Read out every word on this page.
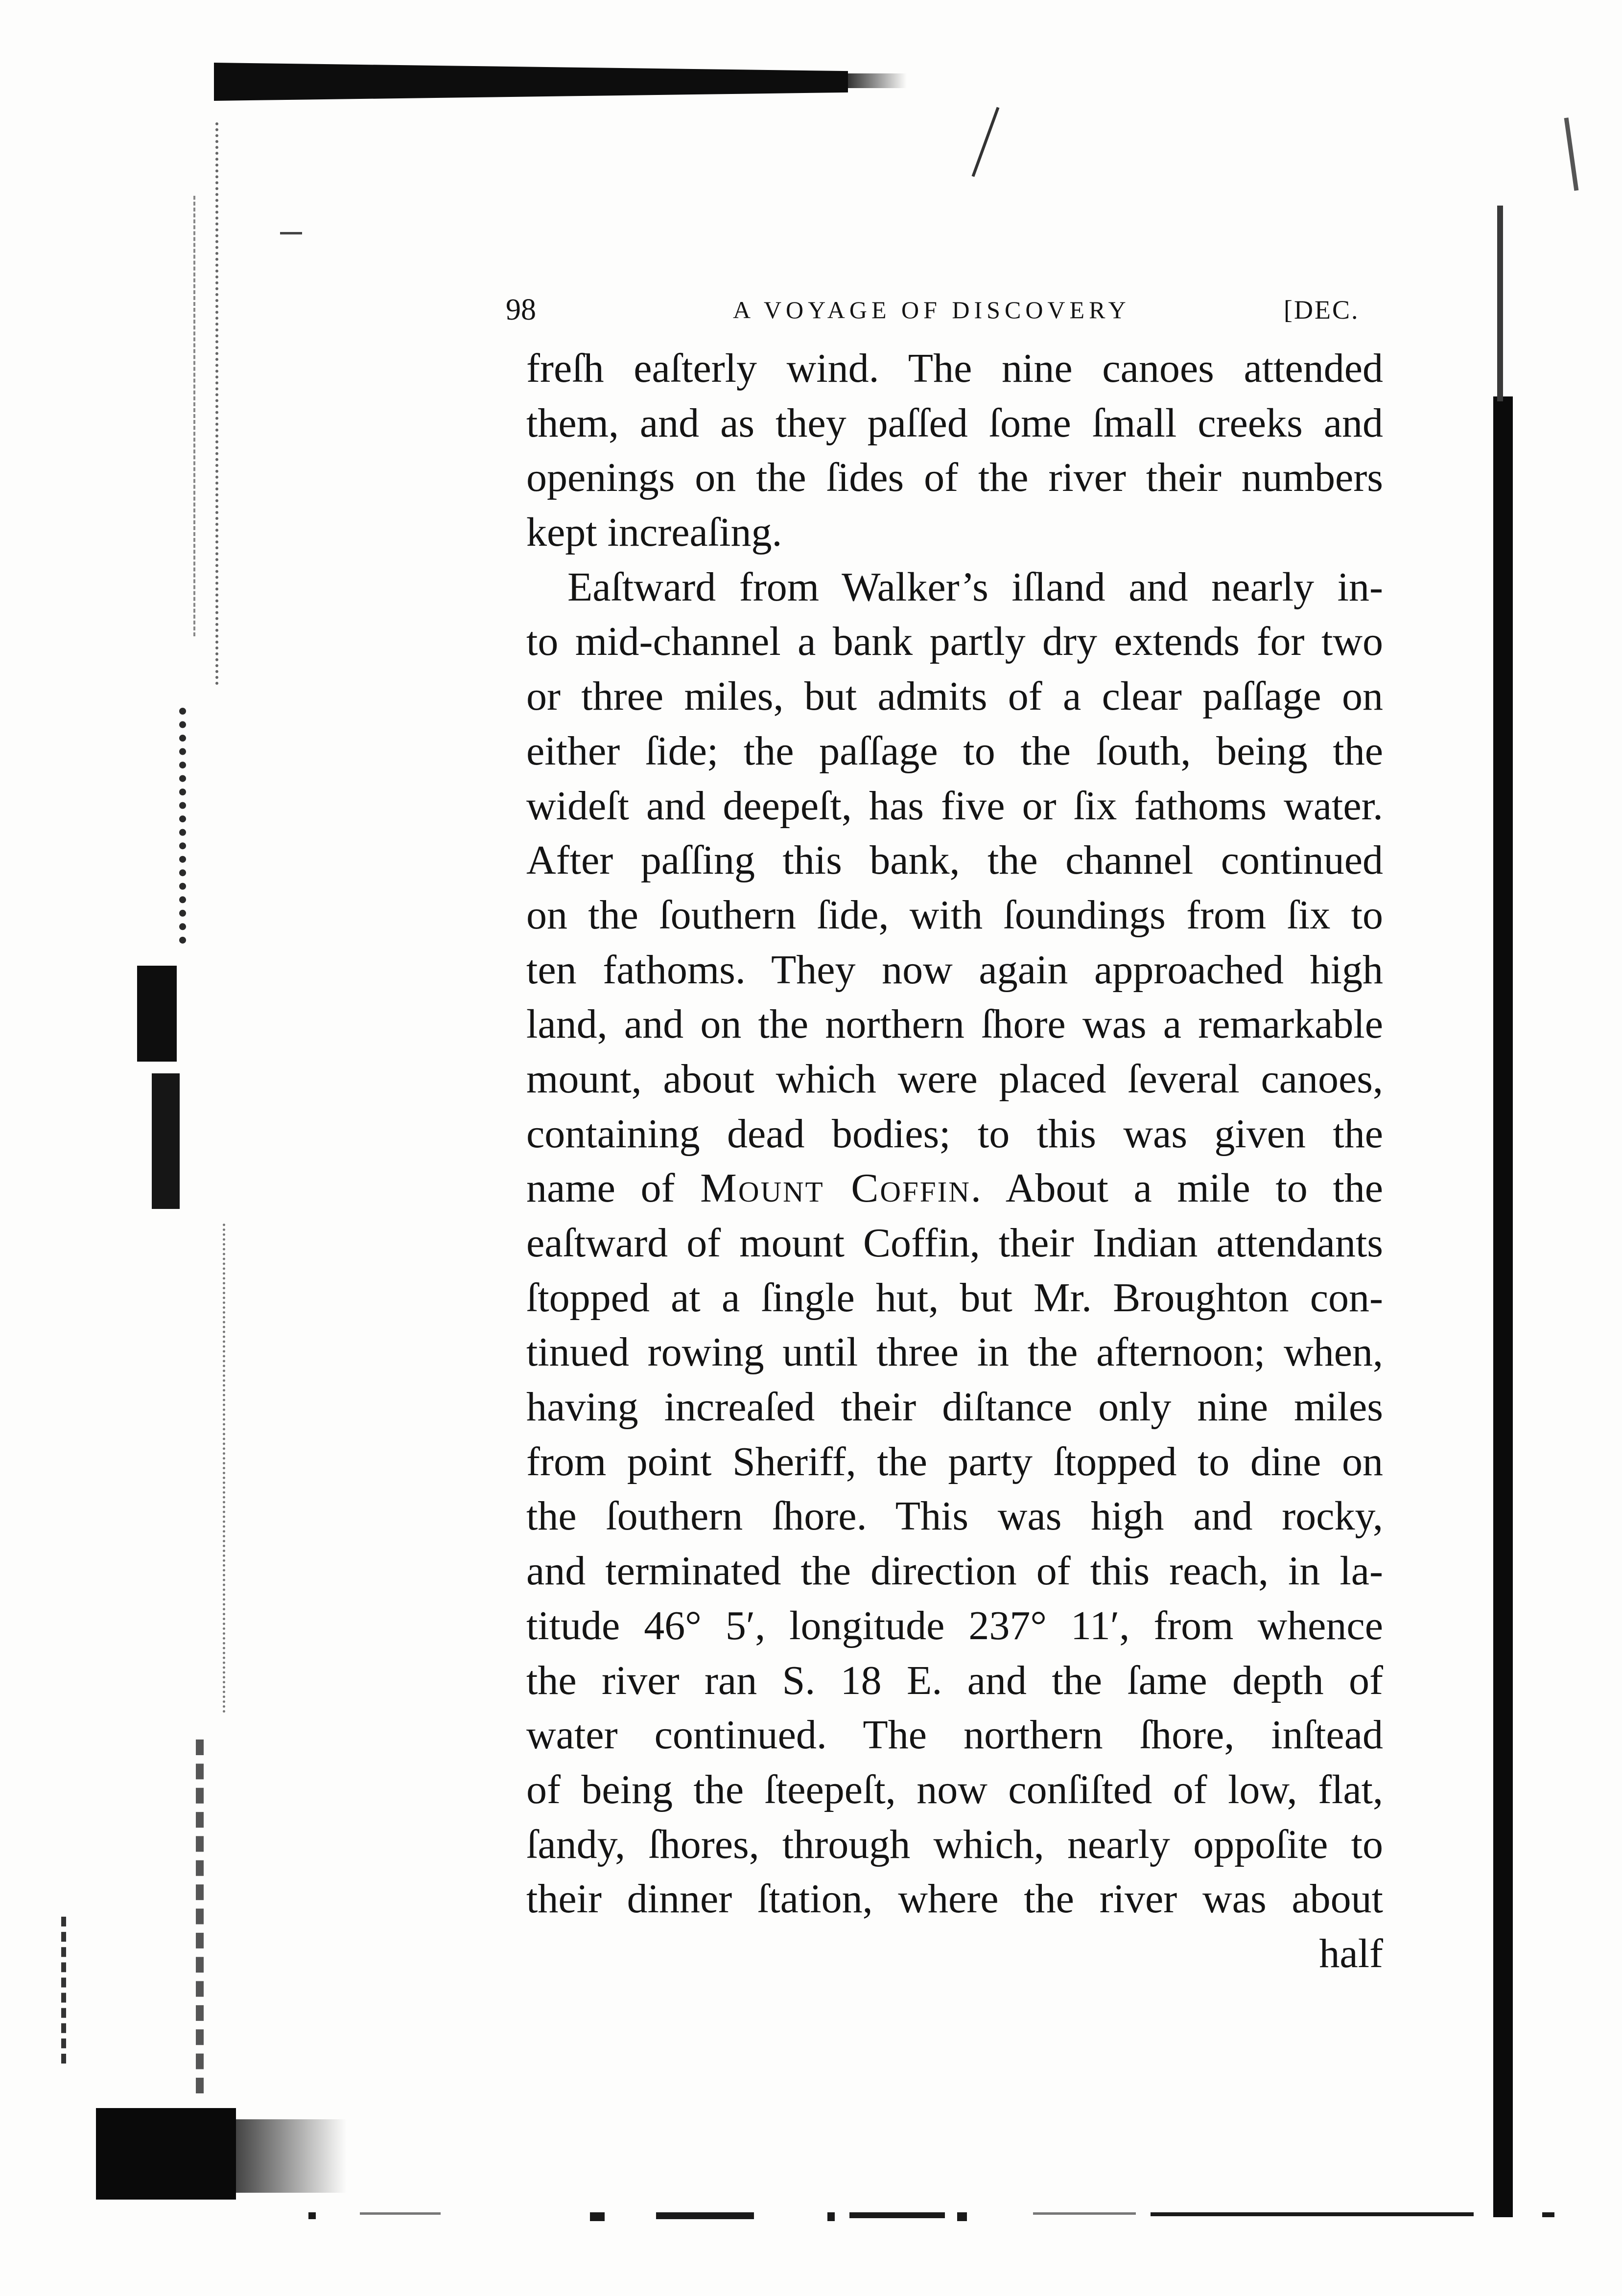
98	A VOYAGE OF DISCOVERY	[DEC.
freſh eaſterly wind. The nine canoes attended
them, and as they paſſed ſome ſmall creeks and
openings on the ſides of the river their numbers
kept increaſing.
Eaſtward from Walker’s iſland and nearly in-
to mid-channel a bank partly dry extends for two
or three miles, but admits of a clear paſſage on
either ſide; the paſſage to the ſouth, being the
wideſt and deepeſt, has five or ſix fathoms water.
After paſſing this bank, the channel continued
on the ſouthern ſide, with ſoundings from ſix to
ten fathoms. They now again approached high
land, and on the northern ſhore was a remarkable
mount, about which were placed ſeveral canoes,
containing dead bodies; to this was given the
name of Mount Coffin. About a mile to the
eaſtward of mount Coffin, their Indian attendants
ſtopped at a ſingle hut, but Mr. Broughton con-
tinued rowing until three in the afternoon; when,
having increaſed their diſtance only nine miles
from point Sheriff, the party ſtopped to dine on
the ſouthern ſhore. This was high and rocky,
and terminated the direction of this reach, in la-
titude 46° 5′, longitude 237° 11′, from whence
the river ran S. 18 E. and the ſame depth of
water continued. The northern ſhore, inſtead
of being the ſteepeſt, now conſiſted of low, flat,
ſandy, ſhores, through which, nearly oppoſite to
their dinner ſtation, where the river was about
half
